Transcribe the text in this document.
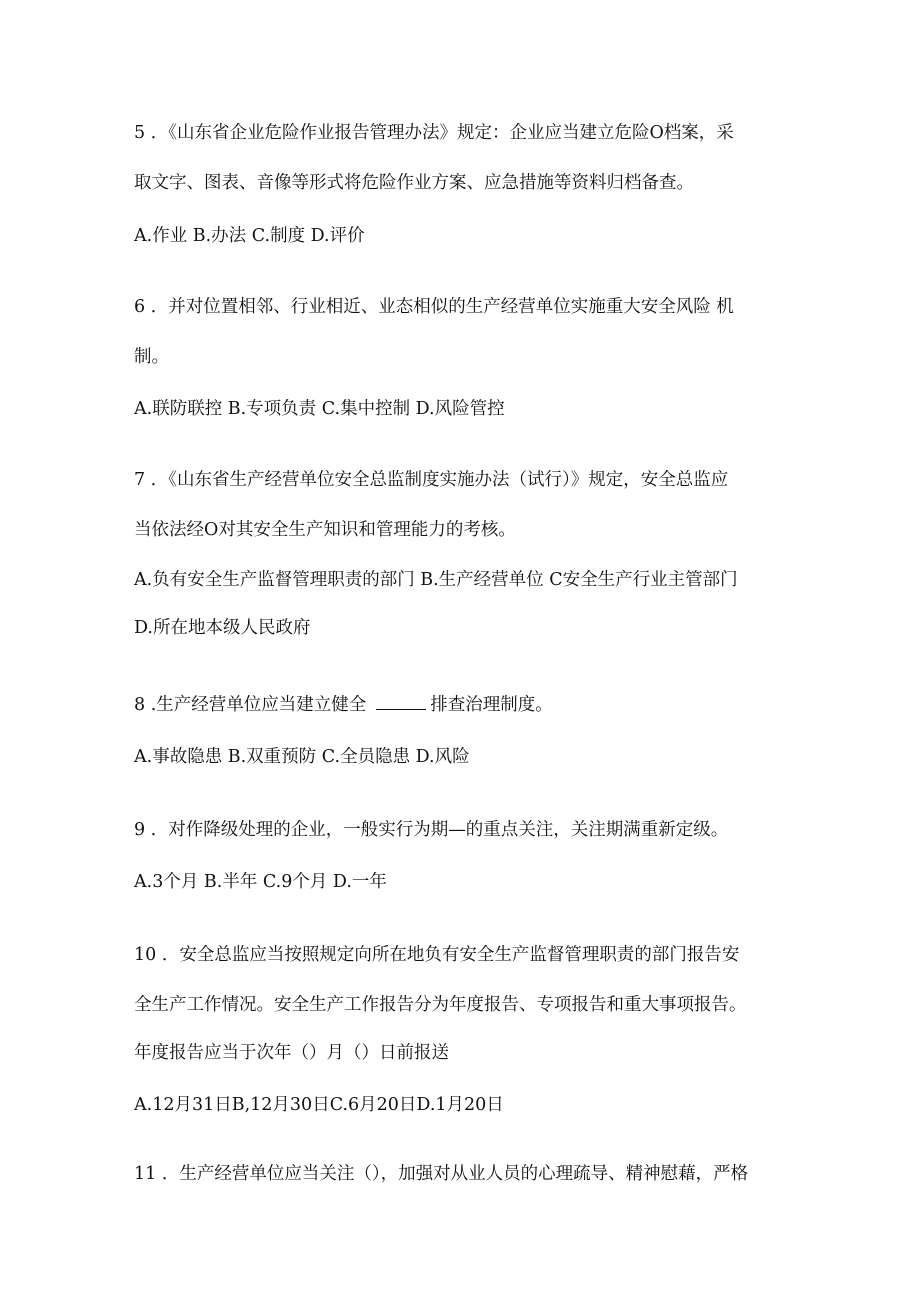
5 ．《山东省企业危险作业报告管理办法》规定：企业应当建立危险O档案，采
取文字、图表、音像等形式将危险作业方案、应急措施等资料归档备查。
A.作业 B.办法 C.制度 D.评价
6 ．并对位置相邻、行业相近、业态相似的生产经营单位实施重大安全风险 机
制。
A.联防联控 B.专项负责 C.集中控制 D.风险管控
7 ．《山东省生产经营单位安全总监制度实施办法（试行）》规定，安全总监应
当依法经O对其安全生产知识和管理能力的考核。
A.负有安全生产监督管理职责的部门 B.生产经营单位 C安全生产行业主管部门
D.所在地本级人民政府
8 .生产经营单位应当建立健全	排查治理制度。
A.事故隐患 B.双重预防 C.全员隐患 D.风险
9 ．对作降级处理的企业，一般实行为期—的重点关注，关注期满重新定级。
A.3个月 B.半年 C.9个月 D.一年
10 ．安全总监应当按照规定向所在地负有安全生产监督管理职责的部门报告安
全生产工作情况。安全生产工作报告分为年度报告、专项报告和重大事项报告。
年度报告应当于次年（）月（）日前报送
A.12月31日B,12月30日C.6月20日D.1月20日
11 ．生产经营单位应当关注（），加强对从业人员的心理疏导、精神慰藉，严格
